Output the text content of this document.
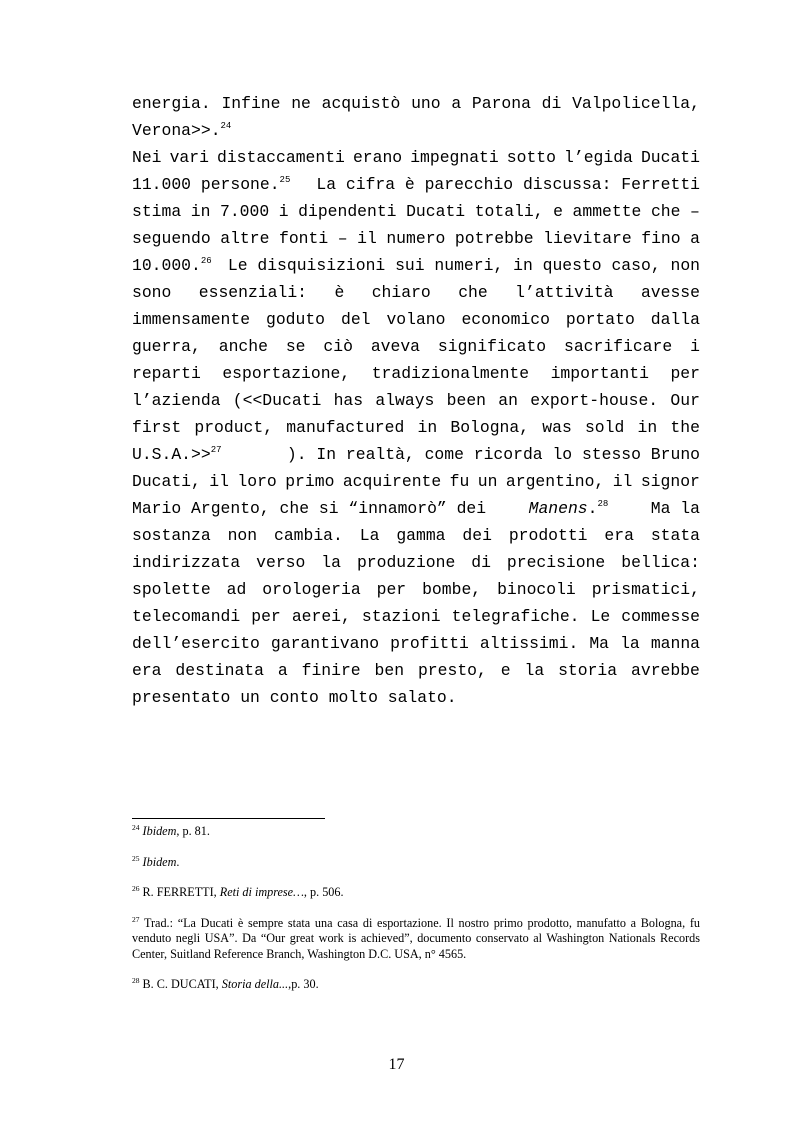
energia. Infine ne acquistò uno a Parona di Valpolicella,
Verona>>.$^{24}$
Nei vari distaccamenti erano impegnati sotto l’egida Ducati
11.000 persone.$^{25}$ La cifra è parecchio discussa: Ferretti
stima in 7.000 i dipendenti Ducati totali, e ammette che –
seguendo altre fonti – il numero potrebbe lievitare fino a
10.000.26 Le disquisizioni sui numeri, in questo caso, non
sono essenziali: è chiaro che l’attività avesse
immensamente goduto del volano economico portato dalla
guerra, anche se ciò aveva significato sacrificare i
reparti esportazione, tradizionalmente importanti per
l’azienda (<<Ducati has always been an export-house. Our
first product, manufactured in Bologna, was sold in the
U.S.A.>>$^{27}$	). In realtà, come ricorda lo stesso Bruno
Ducati, il loro primo acquirente fu un argentino, il signor
Mario Argento, che si “innamorò” dei	Manens.$^{28}$	Ma la
sostanza non cambia. La gamma dei prodotti era stata
indirizzata verso la produzione di precisione bellica:
spolette ad orologeria per bombe, binocoli prismatici,
telecomandi per aerei, stazioni telegrafiche. Le commesse
dell’esercito garantivano profitti altissimi. Ma la manna
era destinata a finire ben presto, e la storia avrebbe
presentato un conto molto salato.

$^{24}$ Ibidem, p. 81.

$^{25}$ Ibidem.

$^{26}$ R. FERRETTI, Reti di imprese…, p. 506.

$^{27}$ Trad.: “La Ducati è sempre stata una casa di esportazione. Il nostro primo prodotto, manufatto a Bologna, fu venduto negli USA”. Da “Our great work is achieved”, documento conservato al Washington Nationals Records Center, Suitland Reference Branch, Washington D.C. USA, n° 4565.

$^{28}$ B. C. DUCATI, Storia della...,p. 30.

17
